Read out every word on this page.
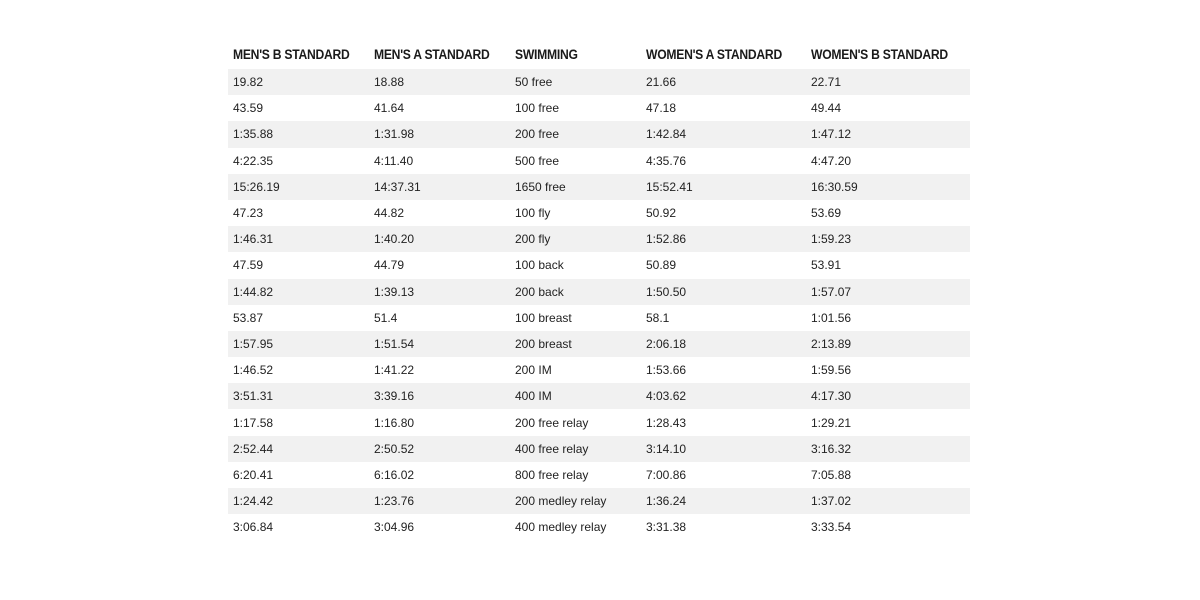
MEN'S B STANDARD	MEN'S A STANDARD	SWIMMING	WOMEN'S A STANDARD	WOMEN'S B STANDARD
19.82	18.88	50 free	21.66	22.71
43.59	41.64	100 free	47.18	49.44
1:35.88	1:31.98	200 free	1:42.84	1:47.12
4:22.35	4:11.40	500 free	4:35.76	4:47.20
15:26.19	14:37.31	1650 free	15:52.41	16:30.59
47.23	44.82	100 fly	50.92	53.69
1:46.31	1:40.20	200 fly	1:52.86	1:59.23
47.59	44.79	100 back	50.89	53.91
1:44.82	1:39.13	200 back	1:50.50	1:57.07
53.87	51.4	100 breast	58.1	1:01.56
1:57.95	1:51.54	200 breast	2:06.18	2:13.89
1:46.52	1:41.22	200 IM	1:53.66	1:59.56
3:51.31	3:39.16	400 IM	4:03.62	4:17.30
1:17.58	1:16.80	200 free relay	1:28.43	1:29.21
2:52.44	2:50.52	400 free relay	3:14.10	3:16.32
6:20.41	6:16.02	800 free relay	7:00.86	7:05.88
1:24.42	1:23.76	200 medley relay	1:36.24	1:37.02
3:06.84	3:04.96	400 medley relay	3:31.38	3:33.54
